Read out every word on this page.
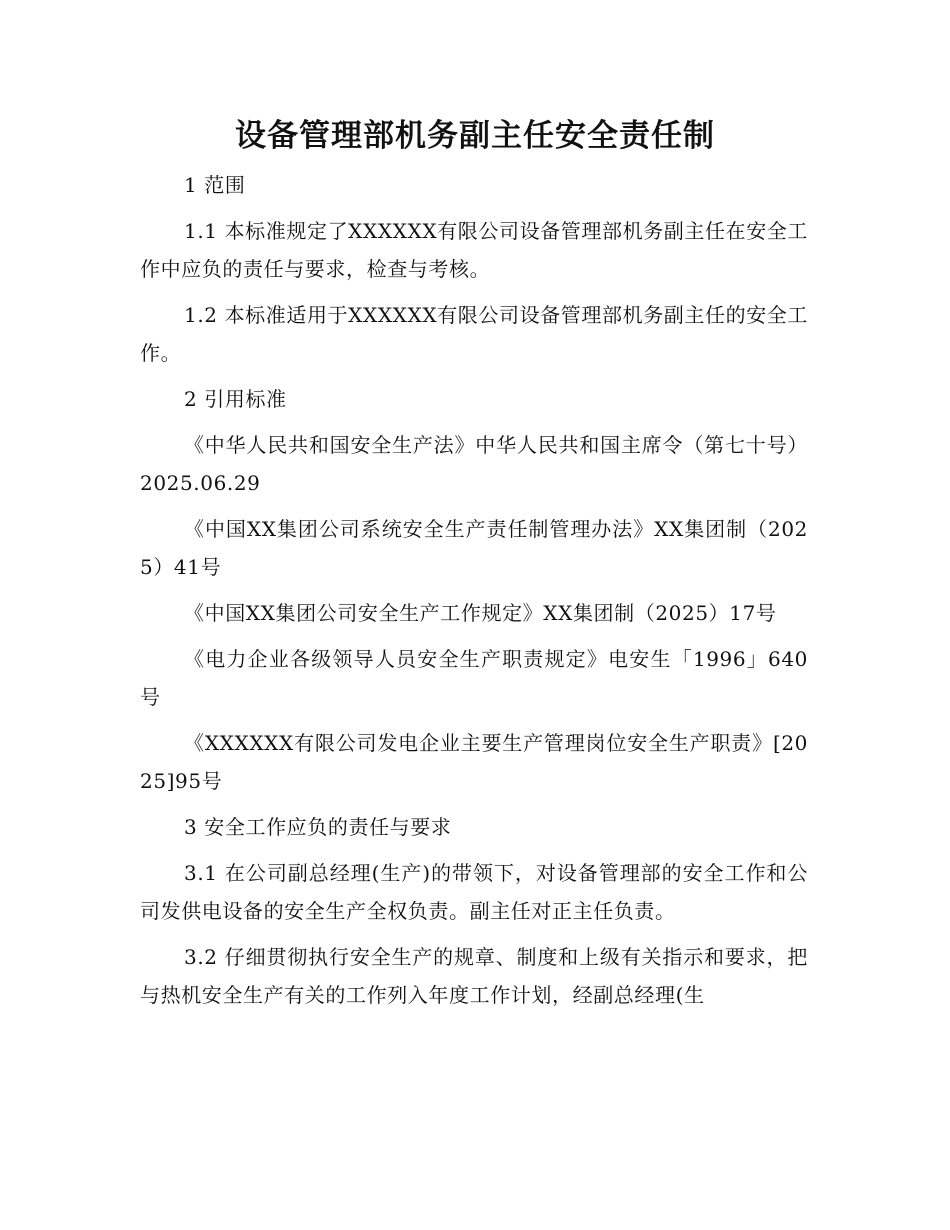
设备管理部机务副主任安全责任制

1 范围

1.1 本标准规定了XXXXXX有限公司设备管理部机务副主任在安全工作中应负的责任与要求，检查与考核。

1.2 本标准适用于XXXXXX有限公司设备管理部机务副主任的安全工作。

2 引用标准

《中华人民共和国安全生产法》中华人民共和国主席令（第七十号）2025.06.29

《中国XX集团公司系统安全生产责任制管理办法》XX集团制（2025）41号

《中国XX集团公司安全生产工作规定》XX集团制（2025）17号

《电力企业各级领导人员安全生产职责规定》电安生「1996」640号

《XXXXXX有限公司发电企业主要生产管理岗位安全生产职责》[2025]95号

3 安全工作应负的责任与要求

3.1 在公司副总经理(生产)的带领下，对设备管理部的安全工作和公司发供电设备的安全生产全权负责。副主任对正主任负责。

3.2 仔细贯彻执行安全生产的规章、制度和上级有关指示和要求，把与热机安全生产有关的工作列入年度工作计划，经副总经理(生
